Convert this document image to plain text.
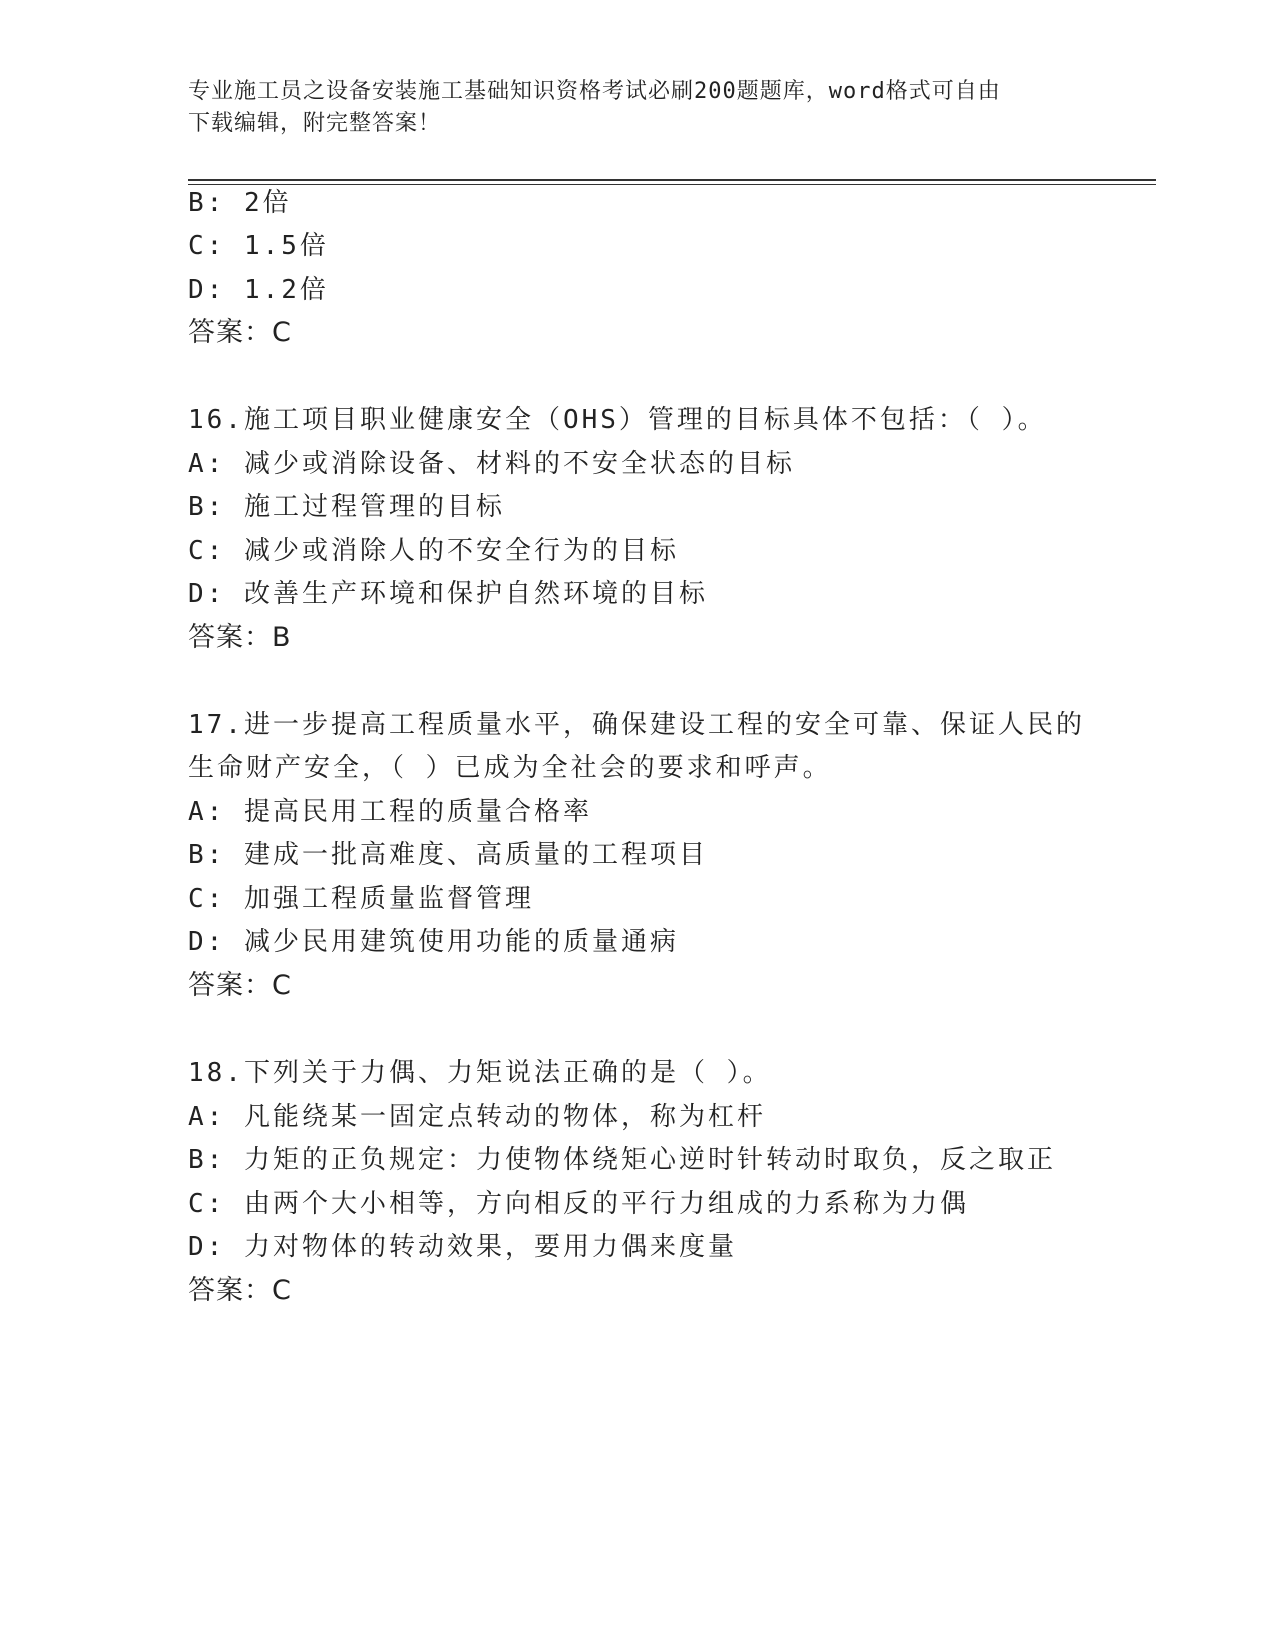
专业施工员之设备安装施工基础知识资格考试必刷200题题库，word格式可自由
下载编辑，附完整答案！
B: 2倍
C: 1.5倍
D: 1.2倍
答案：C
16.施工项目职业健康安全（OHS）管理的目标具体不包括：（ ）。
A: 减少或消除设备、材料的不安全状态的目标
B: 施工过程管理的目标
C: 减少或消除人的不安全行为的目标
D: 改善生产环境和保护自然环境的目标
答案：B
17.进一步提高工程质量水平，确保建设工程的安全可靠、保证人民的
生命财产安全，（ ）已成为全社会的要求和呼声。
A: 提高民用工程的质量合格率
B: 建成一批高难度、高质量的工程项目
C: 加强工程质量监督管理
D: 减少民用建筑使用功能的质量通病
答案：C
18.下列关于力偶、力矩说法正确的是（ ）。
A: 凡能绕某一固定点转动的物体，称为杠杆
B: 力矩的正负规定：力使物体绕矩心逆时针转动时取负，反之取正
C: 由两个大小相等，方向相反的平行力组成的力系称为力偶
D: 力对物体的转动效果，要用力偶来度量
答案：C
